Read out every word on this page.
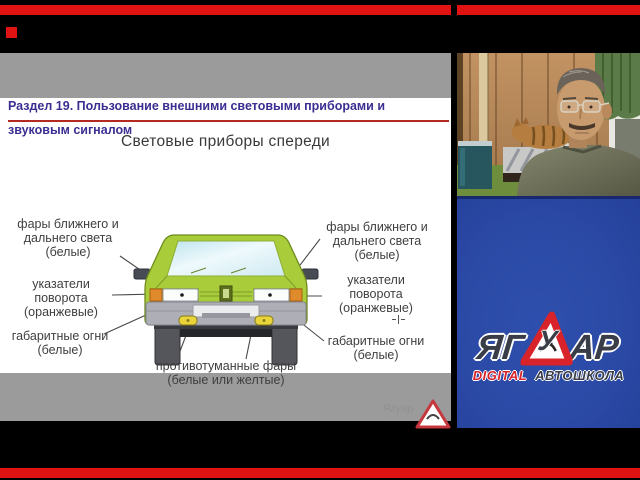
Раздел 19. Пользование внешними световыми приборами и
звуковым сигналом
Световые приборы спереди
фары ближнего и
дальнего света
(белые)
указатели
поворота
(оранжевые)
габаритные огни
(белые)
фары ближнего и
дальнего света
(белые)
указатели
поворота
(оранжевые)
габаритные огни
(белые)
противотуманные фары
(белые или желтые)
Ягуар
ЯГ У АР
DIGITAL АВТОШКОЛА
